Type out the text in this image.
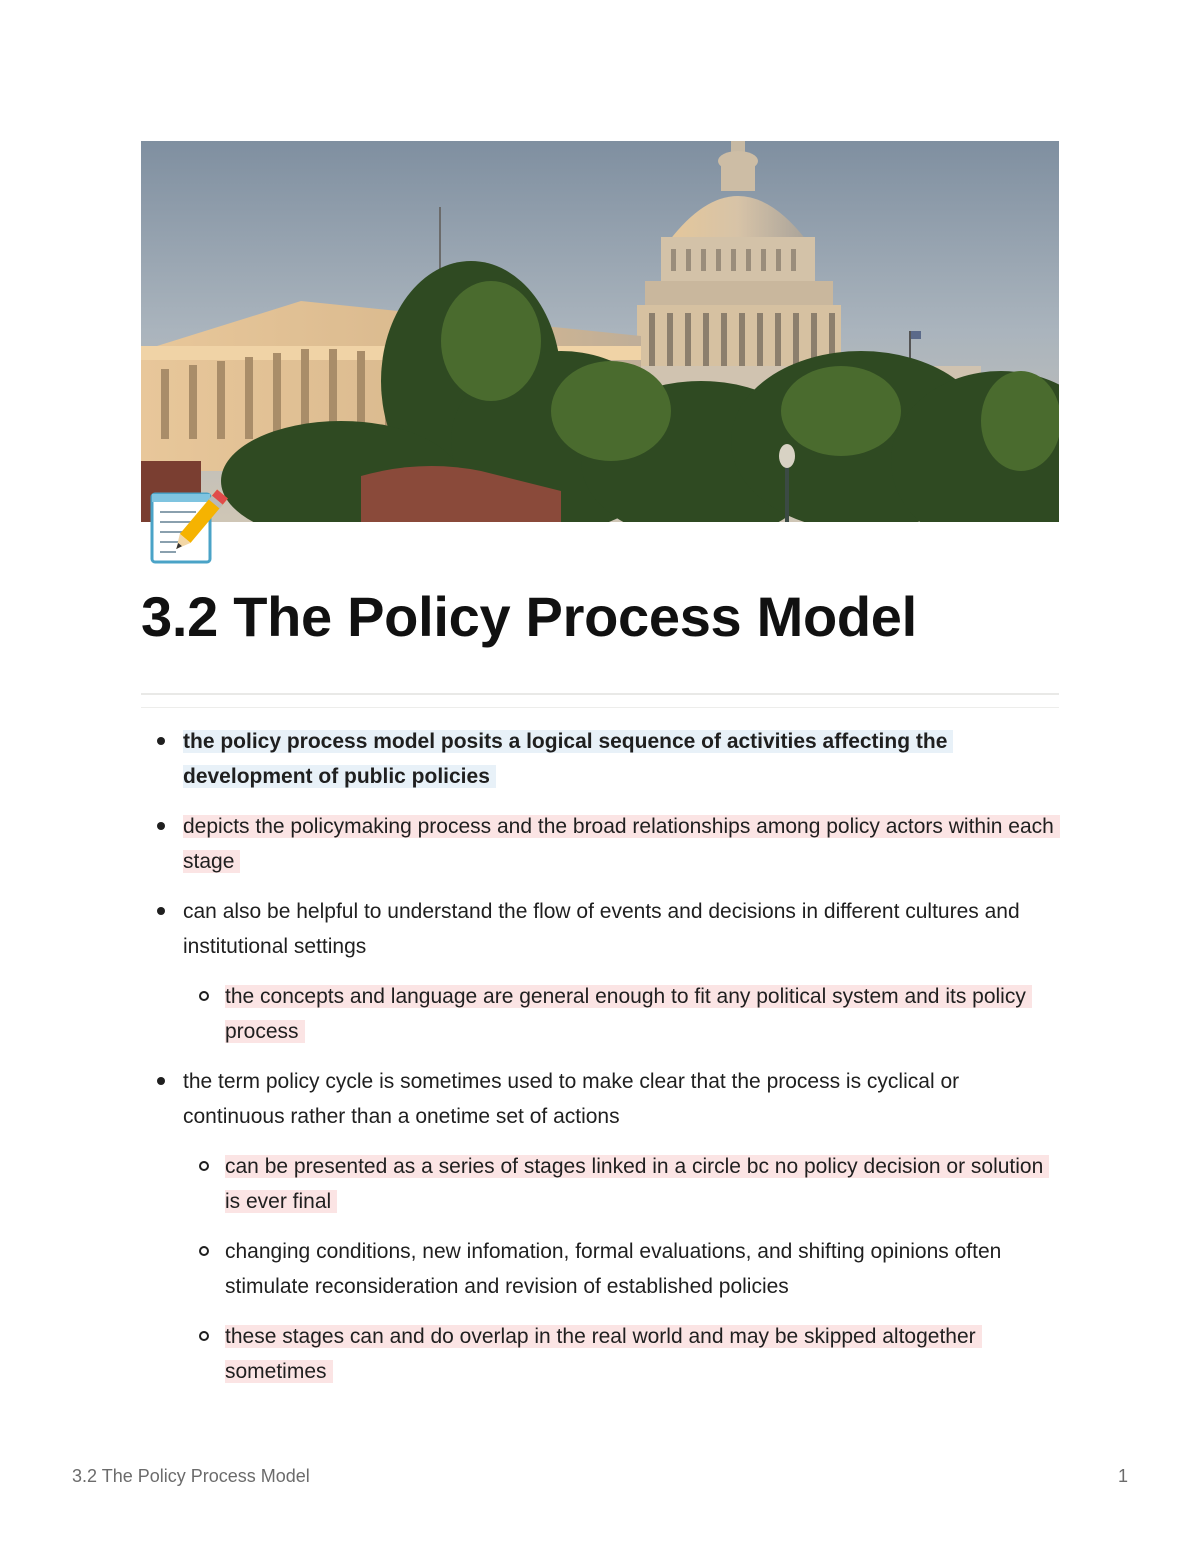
3.2 The Policy Process Model
the policy process model posits a logical sequence of activities affecting the development of public policies
depicts the policymaking process and the broad relationships among policy actors within each stage
can also be helpful to understand the flow of events and decisions in different cultures and institutional settings
the concepts and language are general enough to fit any political system and its policy process
the term policy cycle is sometimes used to make clear that the process is cyclical or continuous rather than a onetime set of actions
can be presented as a series of stages linked in a circle bc no policy decision or solution is ever final
changing conditions, new infomation, formal evaluations, and shifting opinions often stimulate reconsideration and revision of established policies
these stages can and do overlap in the real world and may be skipped altogether sometimes
3.2 The Policy Process Model	1
